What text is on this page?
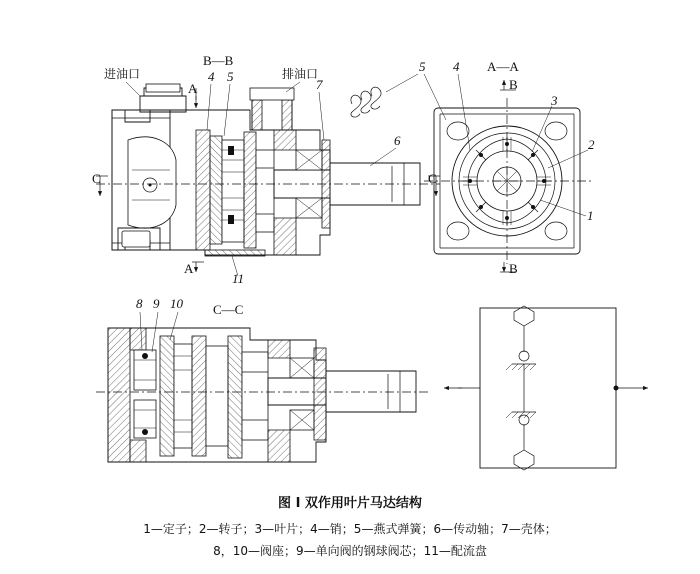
进油口	排油口
B—B
4 5
7
6
11
A
A
C	C
A—A
B
B
5 4
3
2
1
C—C
8 9 10
图 I 双作用叶片马达结构
1—定子；2—转子；3—叶片；4—销；5—燕式弹簧；6—传动轴；7—壳体；
8，10—阀座；9—单向阀的钢球阀芯；11—配流盘
